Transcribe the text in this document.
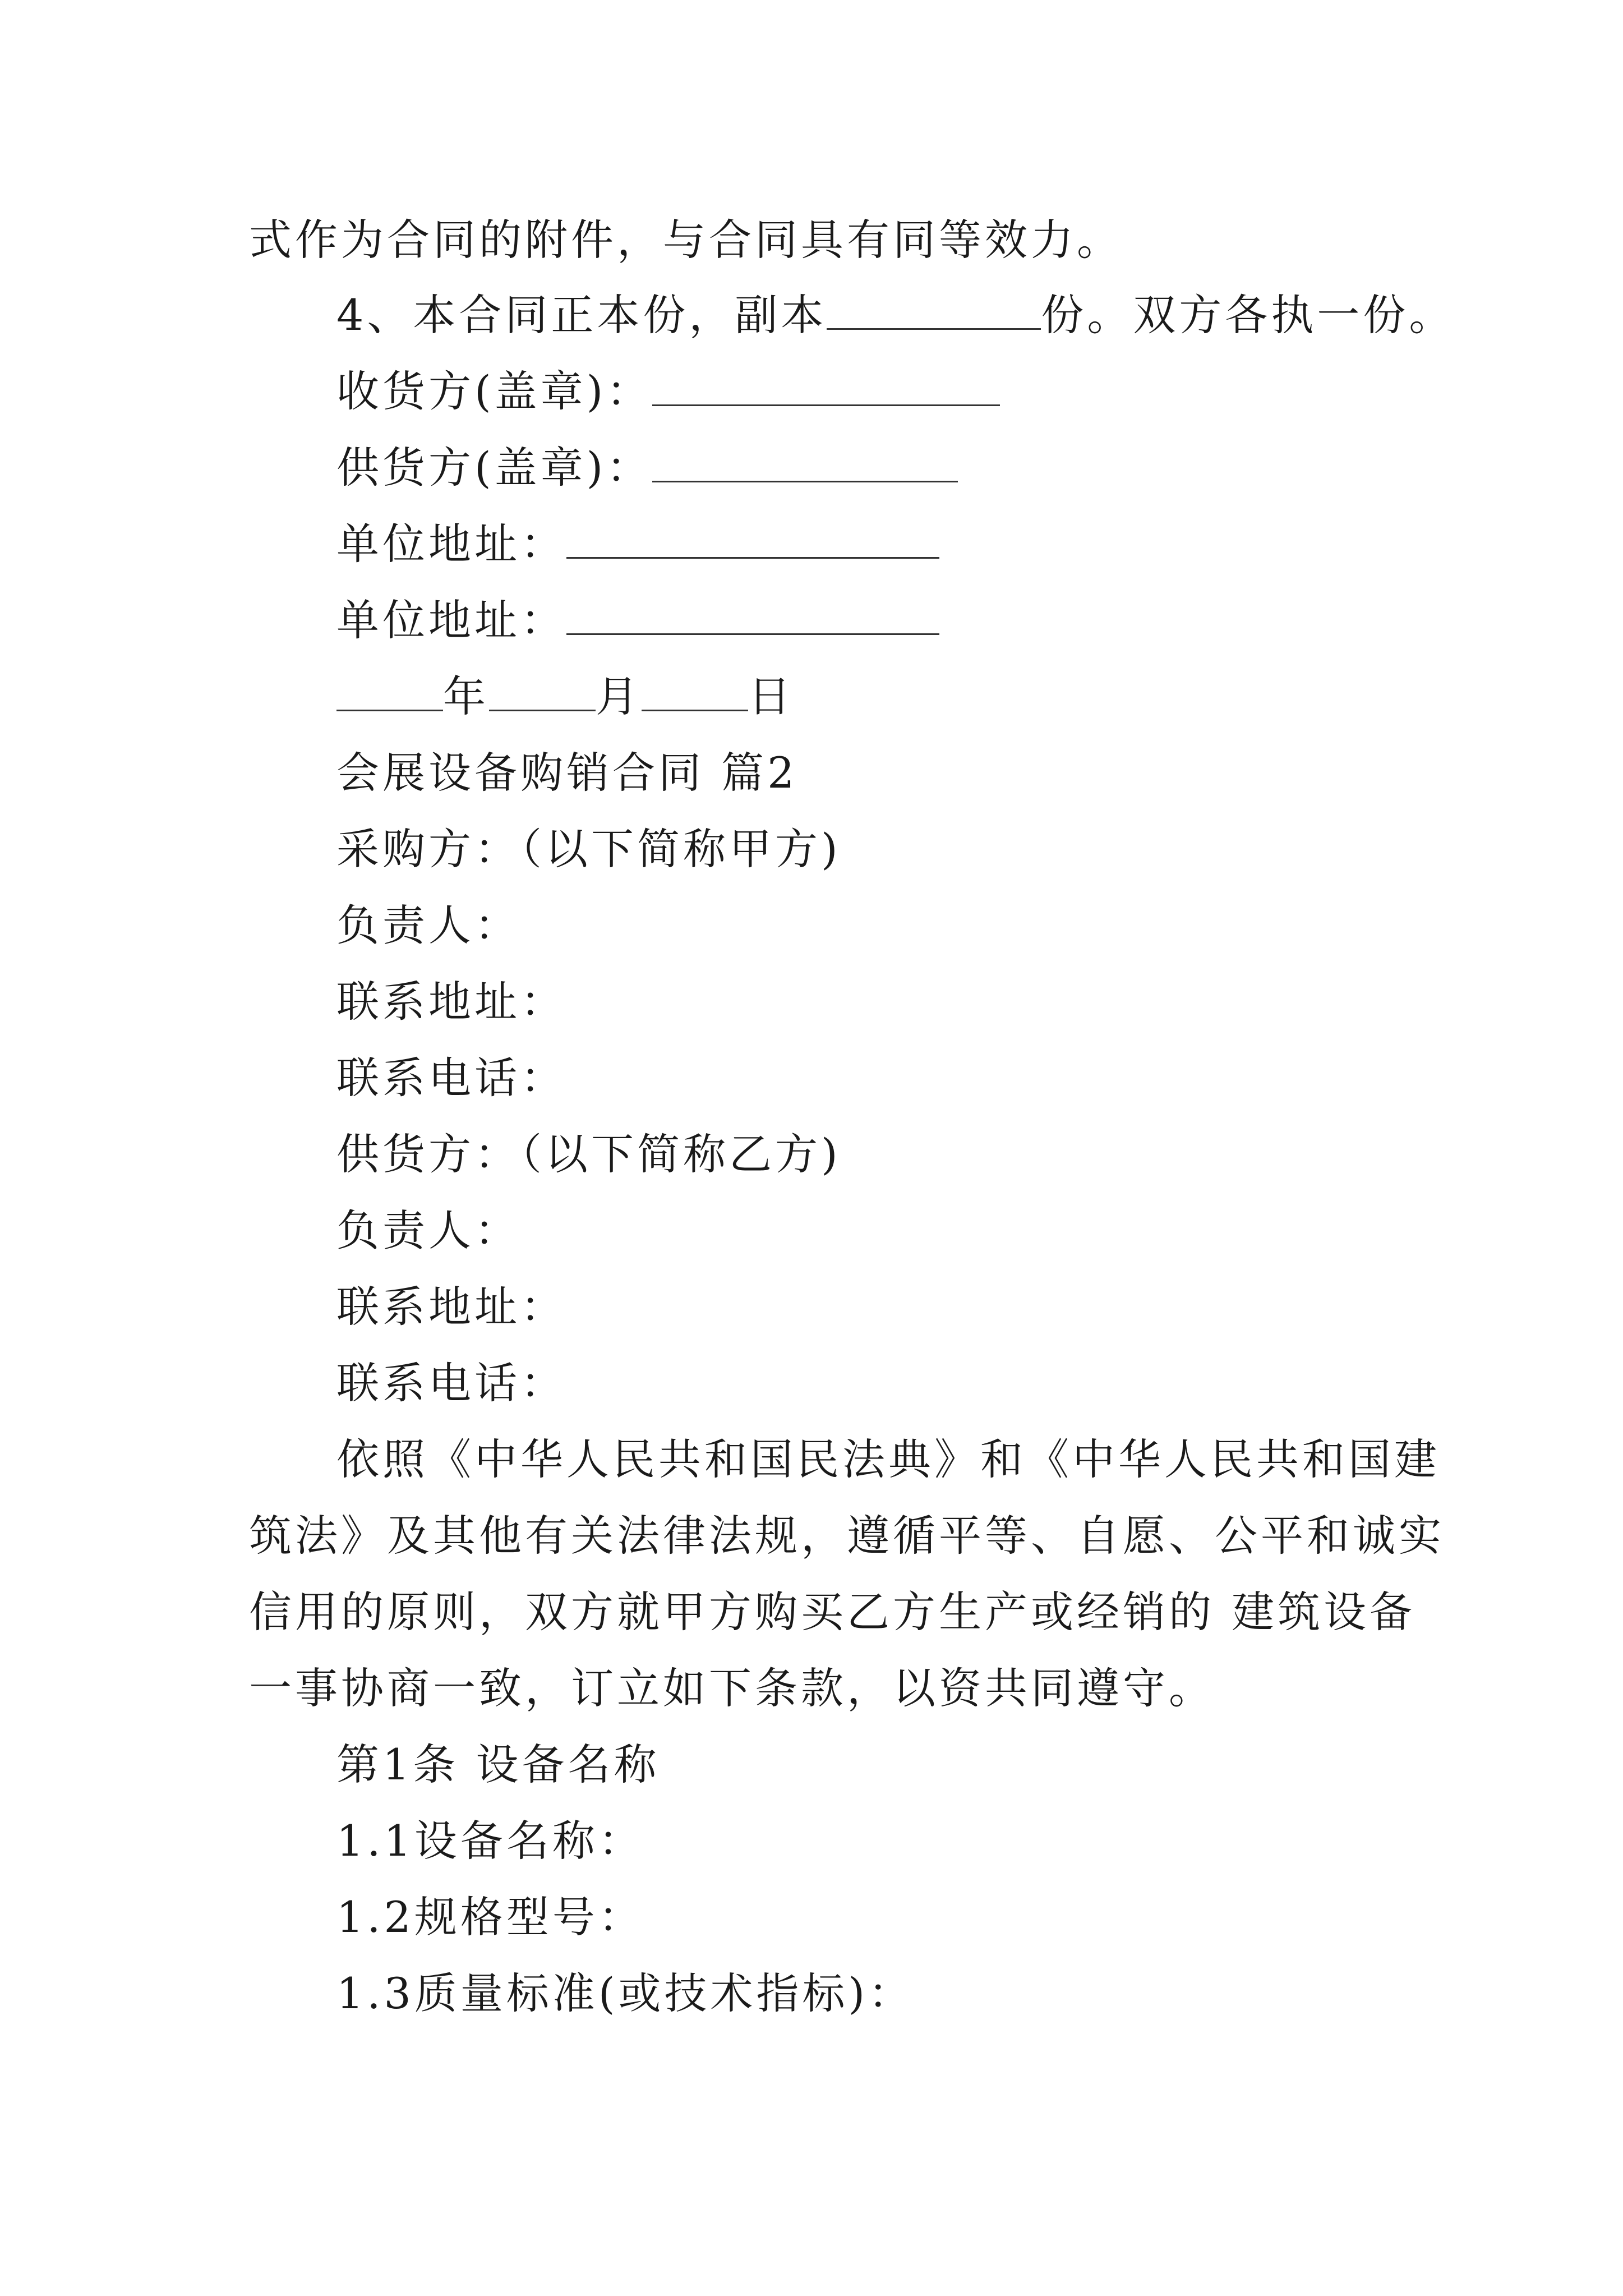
式作为合同的附件，与合同具有同等效力。
4、本合同正本份，副本	份。双方各执一份。
收货方(盖章)：
供货方(盖章)：
单位地址：
单位地址：
年	月	日
会展设备购销合同 篇2
采购方：（以下简称甲方)
负责人：
联系地址：
联系电话：
供货方：（以下简称乙方)
负责人：
联系地址：
联系电话：
依照《中华人民共和国民法典》和《中华人民共和国建
筑法》及其他有关法律法规，遵循平等、自愿、公平和诚实
信用的原则，双方就甲方购买乙方生产或经销的 建筑设备
一事协商一致，订立如下条款，以资共同遵守。
第1条 设备名称
1.1设备名称：
1.2规格型号：
1.3质量标准(或技术指标)：
